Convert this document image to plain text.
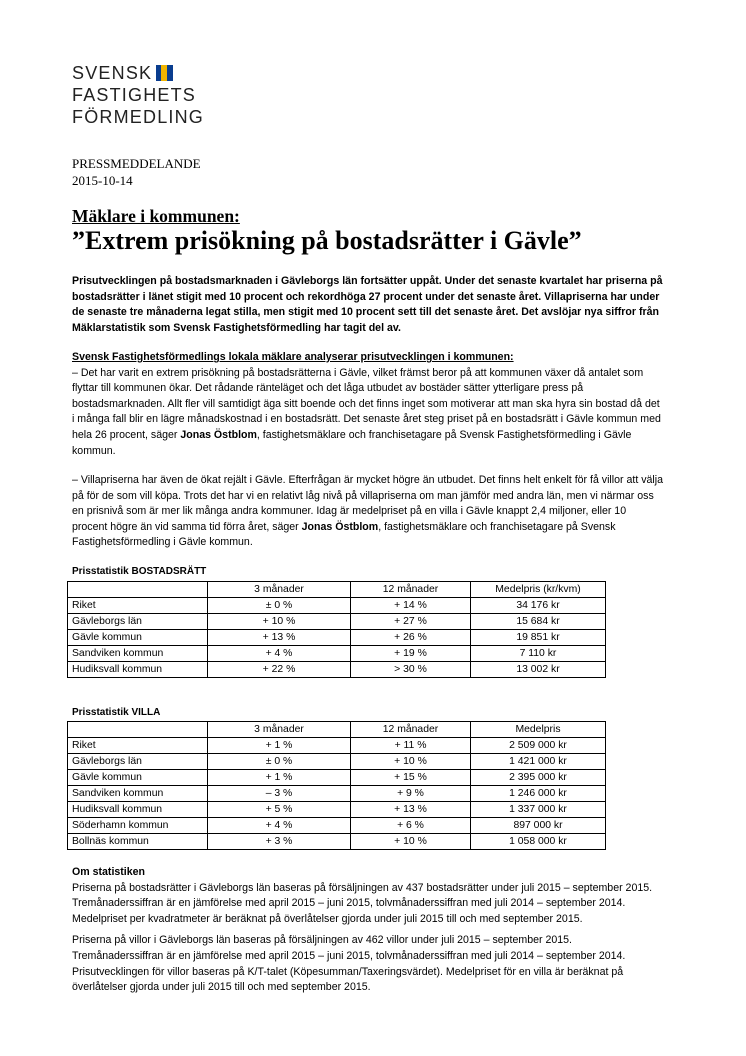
SVENSK
FASTIGHETS
FÖRMEDLING
PRESSMEDDELANDE
2015-10-14
Mäklare i kommunen:
”Extrem prisökning på bostadsrätter i Gävle”
Prisutvecklingen på bostadsmarknaden i Gävleborgs län fortsätter uppåt. Under det senaste kvartalet har priserna på bostadsrätter i länet stigit med 10 procent och rekordhöga 27 procent under det senaste året. Villapriserna har under de senaste tre månaderna legat stilla, men stigit med 10 procent sett till det senaste året. Det avslöjar nya siffror från Mäklarstatistik som Svensk Fastighetsförmedling har tagit del av.
Svensk Fastighetsförmedlings lokala mäklare analyserar prisutvecklingen i kommunen:
– Det har varit en extrem prisökning på bostadsrätterna i Gävle, vilket främst beror på att kommunen växer då antalet som flyttar till kommunen ökar. Det rådande ränteläget och det låga utbudet av bostäder sätter ytterligare press på bostadsmarknaden. Allt fler vill samtidigt äga sitt boende och det finns inget som motiverar att man ska hyra sin bostad då det i många fall blir en lägre månadskostnad i en bostadsrätt. Det senaste året steg priset på en bostadsrätt i Gävle kommun med hela 26 procent, säger Jonas Östblom, fastighetsmäklare och franchisetagare på Svensk Fastighetsförmedling i Gävle kommun.
– Villapriserna har även de ökat rejält i Gävle. Efterfrågan är mycket högre än utbudet. Det finns helt enkelt för få villor att välja på för de som vill köpa. Trots det har vi en relativt låg nivå på villapriserna om man jämför med andra län, men vi närmar oss en prisnivå som är mer lik många andra kommuner. Idag är medelpriset på en villa i Gävle knappt 2,4 miljoner, eller 10 procent högre än vid samma tid förra året, säger Jonas Östblom, fastighetsmäklare och franchisetagare på Svensk Fastighetsförmedling i Gävle kommun.
Prisstatistik BOSTADSRÄTT
	3 månader	12 månader	Medelpris (kr/kvm)
Riket	± 0 %	+ 14 %	34 176 kr
Gävleborgs län	+ 10 %	+ 27 %	15 684 kr
Gävle kommun	+ 13 %	+ 26 %	19 851 kr
Sandviken kommun	+ 4 %	+ 19 %	7 110 kr
Hudiksvall kommun	+ 22 %	> 30 %	13 002 kr
Prisstatistik VILLA
	3 månader	12 månader	Medelpris
Riket	+ 1 %	+ 11 %	2 509 000 kr
Gävleborgs län	± 0 %	+ 10 %	1 421 000 kr
Gävle kommun	+ 1 %	+ 15 %	2 395 000 kr
Sandviken kommun	– 3 %	+ 9 %	1 246 000 kr
Hudiksvall kommun	+ 5 %	+ 13 %	1 337 000 kr
Söderhamn kommun	+ 4 %	+ 6 %	897 000 kr
Bollnäs kommun	+ 3 %	+ 10 %	1 058 000 kr
Om statistiken
Priserna på bostadsrätter i Gävleborgs län baseras på försäljningen av 437 bostadsrätter under juli 2015 – september 2015. Tremånaderssiffran är en jämförelse med april 2015 – juni 2015, tolvmånaderssiffran med juli 2014 – september 2014. Medelpriset per kvadratmeter är beräknat på överlåtelser gjorda under juli 2015 till och med september 2015.
Priserna på villor i Gävleborgs län baseras på försäljningen av 462 villor under juli 2015 – september 2015. Tremånaderssiffran är en jämförelse med april 2015 – juni 2015, tolvmånaderssiffran med juli 2014 – september 2014. Prisutvecklingen för villor baseras på K/T-talet (Köpesumman/Taxeringsvärdet). Medelpriset för en villa är beräknat på överlåtelser gjorda under juli 2015 till och med september 2015.
